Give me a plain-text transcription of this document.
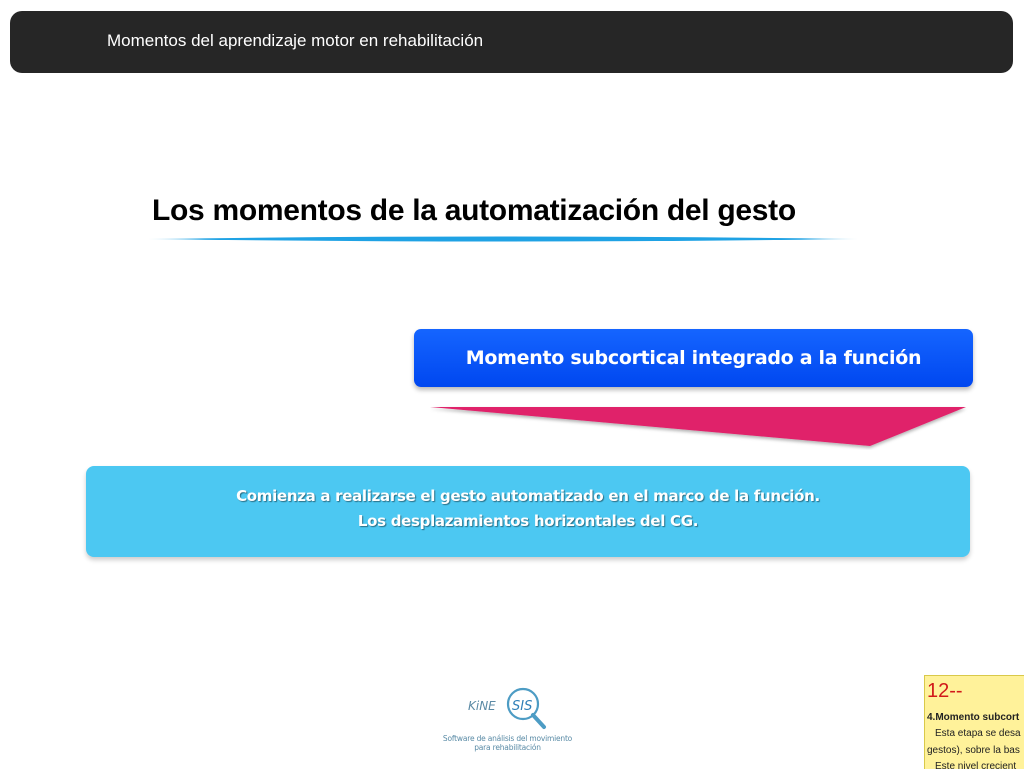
Momentos del aprendizaje motor en rehabilitación
Los momentos de la automatización del gesto
Momento subcortical integrado a la función
Comienza a realizarse el gesto automatizado en el marco de la función.
Los desplazamientos horizontales del CG.
KiNE SIS
Software de análisis del movimiento
para rehabilitación
12--
4.Momento subcort
Esta etapa se desa
gestos), sobre la bas
Este nivel crecient
